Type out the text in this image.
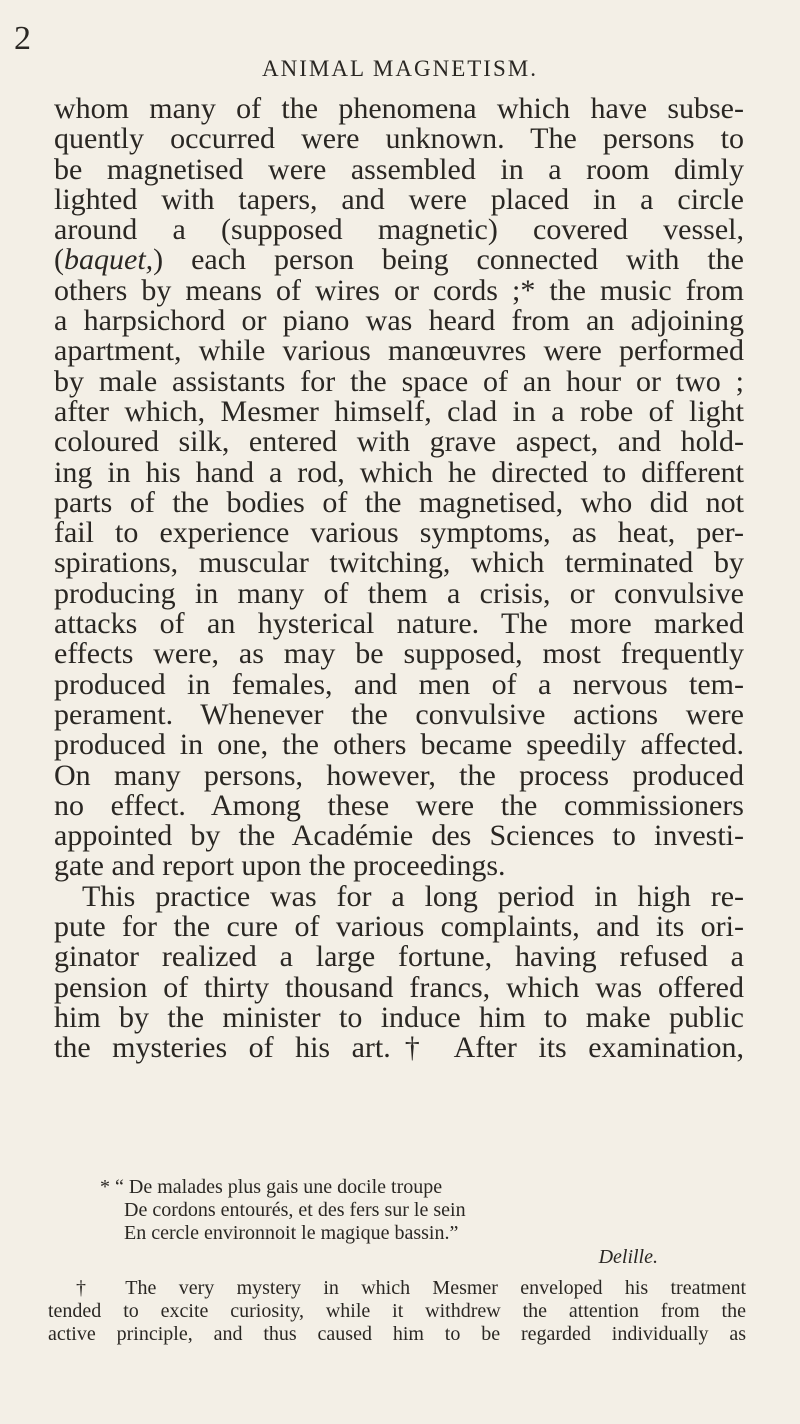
2
ANIMAL MAGNETISM.
whom many of the phenomena which have subse-
quently occurred were unknown. The persons to
be magnetised were assembled in a room dimly
lighted with tapers, and were placed in a circle
around a (supposed magnetic) covered vessel,
(baquet,) each person being connected with the
others by means of wires or cords ;* the music from
a harpsichord or piano was heard from an adjoining
apartment, while various manœuvres were performed
by male assistants for the space of an hour or two ;
after which, Mesmer himself, clad in a robe of light
coloured silk, entered with grave aspect, and hold-
ing in his hand a rod, which he directed to different
parts of the bodies of the magnetised, who did not
fail to experience various symptoms, as heat, per-
spirations, muscular twitching, which terminated by
producing in many of them a crisis, or convulsive
attacks of an hysterical nature. The more marked
effects were, as may be supposed, most frequently
produced in females, and men of a nervous tem-
perament. Whenever the convulsive actions were
produced in one, the others became speedily affected.
On many persons, however, the process produced
no effect. Among these were the commissioners
appointed by the Académie des Sciences to investi-
gate and report upon the proceedings.
This practice was for a long period in high re-
pute for the cure of various complaints, and its ori-
ginator realized a large fortune, having refused a
pension of thirty thousand francs, which was offered
him by the minister to induce him to make public
the mysteries of his art.† After its examination,
* “ De malades plus gais une docile troupe
De cordons entourés, et des fers sur le sein
En cercle environnoit le magique bassin.”
Delille.
† The very mystery in which Mesmer enveloped his treatment
tended to excite curiosity, while it withdrew the attention from the
active principle, and thus caused him to be regarded individually as
